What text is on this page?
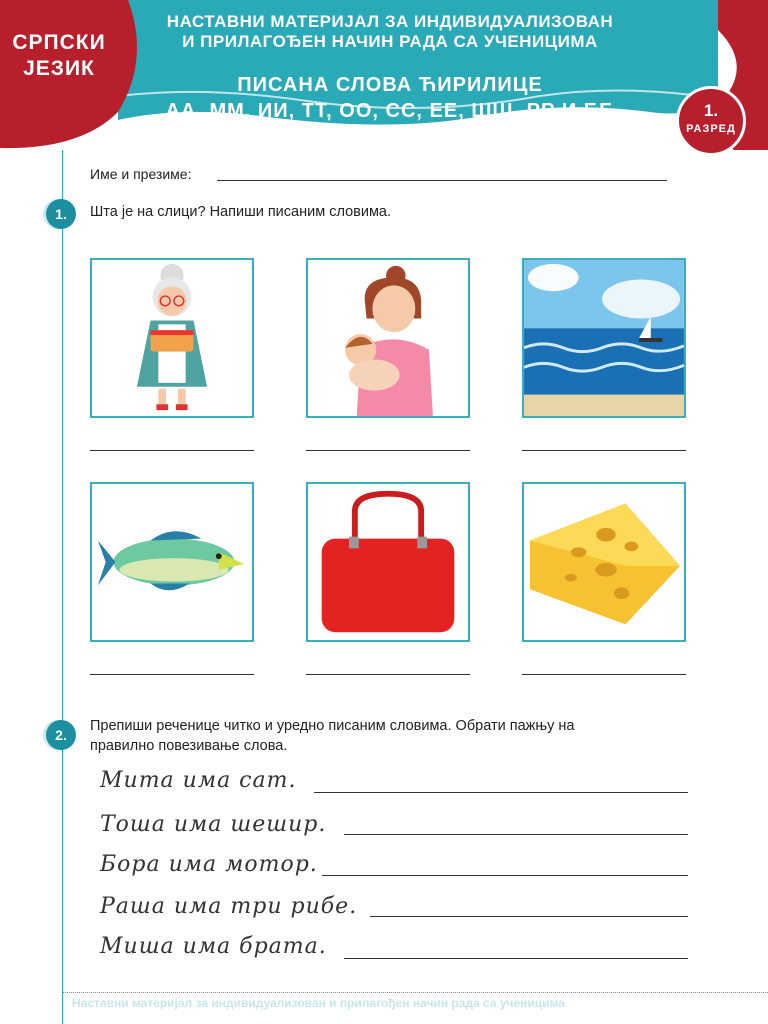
СРПСКИ
ЈЕЗИК
НАСТАВНИ МАТЕРИЈАЛ ЗА ИНДИВИДУАЛИЗОВАН
И ПРИЛАГОЂЕН НАЧИН РАДА СА УЧЕНИЦИМА
ПИСАНА СЛОВА ЋИРИЛИЦЕ
АА, ММ, ИИ, ТТ, ОО, СС, ЕЕ, ШШ, РР И ББ	1.
РАЗРЕД
Име и презиме:
1.	Шта је на слици? Напиши писаним словима.
2.
Препиши реченице читко и уредно писаним словима. Обрати пажњу на
правилно повезивање слова.
Мита има сат.
Тоша има шешир.
Бора има мотор.
Раша има три рибе.
Миша има брата.
Наставни материјал за индивидуализован и прилагођен начин рада са ученицима
